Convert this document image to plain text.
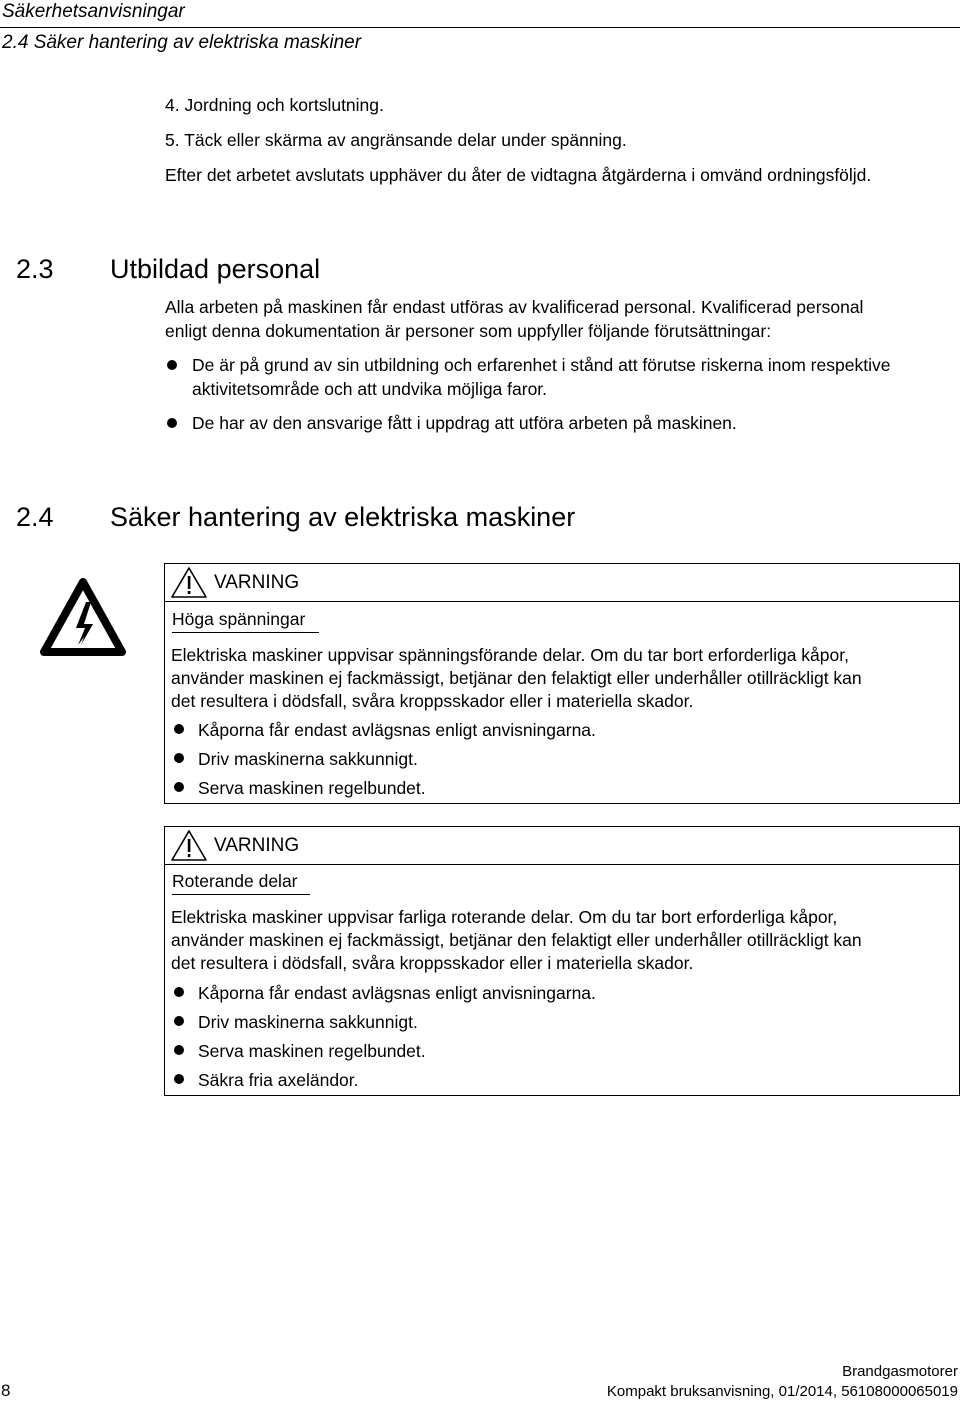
Säkerhetsanvisningar
2.4 Säker hantering av elektriska maskiner
4. Jordning och kortslutning.
5. Täck eller skärma av angränsande delar under spänning.
Efter det arbetet avslutats upphäver du åter de vidtagna åtgärderna i omvänd ordningsföljd.
2.3 Utbildad personal
Alla arbeten på maskinen får endast utföras av kvalificerad personal. Kvalificerad personal
enligt denna dokumentation är personer som uppfyller följande förutsättningar:
De är på grund av sin utbildning och erfarenhet i stånd att förutse riskerna inom respektive
aktivitetsområde och att undvika möjliga faror.
De har av den ansvarige fått i uppdrag att utföra arbeten på maskinen.
2.4 Säker hantering av elektriska maskiner
VARNING
Höga spänningar
Elektriska maskiner uppvisar spänningsförande delar. Om du tar bort erforderliga kåpor,
använder maskinen ej fackmässigt, betjänar den felaktigt eller underhåller otillräckligt kan
det resultera i dödsfall, svåra kroppsskador eller i materiella skador.
Kåporna får endast avlägsnas enligt anvisningarna.
Driv maskinerna sakkunnigt.
Serva maskinen regelbundet.
VARNING
Roterande delar
Elektriska maskiner uppvisar farliga roterande delar. Om du tar bort erforderliga kåpor,
använder maskinen ej fackmässigt, betjänar den felaktigt eller underhåller otillräckligt kan
det resultera i dödsfall, svåra kroppsskador eller i materiella skador.
Kåporna får endast avlägsnas enligt anvisningarna.
Driv maskinerna sakkunnigt.
Serva maskinen regelbundet.
Säkra fria axeländor.
8
Brandgasmotorer
Kompakt bruksanvisning, 01/2014, 56108000065019
